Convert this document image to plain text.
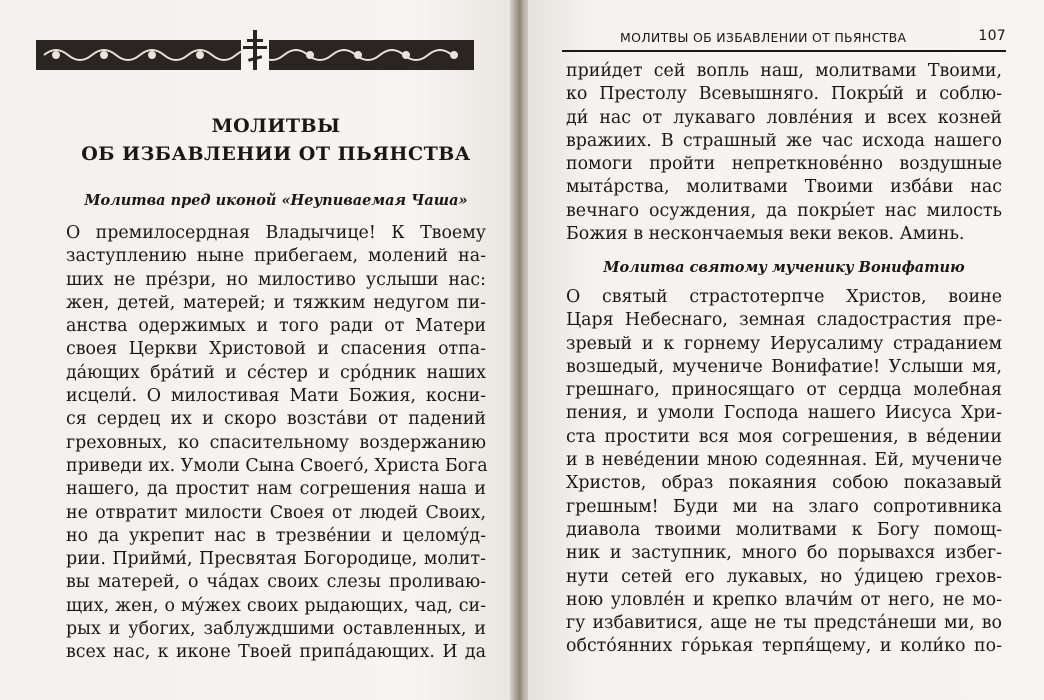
МОЛИТВЫ
ОБ ИЗБАВЛЕНИИ ОТ ПЬЯНСТВА
Молитва пред иконой «Неупиваемая Чаша»
О премилосердная Владычице! К Твоему
заступлению ныне прибегаем, молений на-
ших не пре́зри, но милостиво услыши нас:
жен, детей, матерей; и тяжким недугом пи-
анства одержимых и того ради от Матери
своея Церкви Христовой и спасения отпа-
да́ющих бра́тий и се́стер и сро́дник наших
исцели́. О милостивая Мати Божия, косни-
ся сердец их и скоро возста́ви от падений
греховных, ко спасительному воздержанию
приведи их. Умоли Сына Своего́, Христа Бога
нашего, да простит нам согрешения наша и
не отвратит милости Своея от людей Своих,
но да укрепит нас в трезве́нии и целому́д-
рии. Прийми́, Пресвятая Богородице, молит-
вы матерей, о ча́дах своих слезы проливаю-
щих, жен, о му́жех своих рыдающих, чад, си-
рых и убогих, заблуждшими оставленных, и
всех нас, к иконе Твоей припа́дающих. И да
МОЛИТВЫ ОБ ИЗБАВЛЕНИИ ОТ ПЬЯНСТВА	107
прии́дет сей вопль наш, молитвами Твоими,
ко Престолу Всевышняго. Покры́й и соблю-
ди́ нас от лукаваго ловле́ния и всех козней
вражиих. В страшный же час исхода нашего
помоги пройти непреткнове́нно воздушные
мыта́рства, молитвами Твоими изба́ви нас
вечнаго осуждения, да покры́ет нас милость
Божия в нескончаемыя веки веков. Аминь.
Молитва святому мученику Вонифатию
О святый страстотерпче Христов, воине
Царя Небеснаго, земная сладострастия пре-
зревый и к горнему Иерусалиму страданием
возшедый, мучениче Вонифатие! Услыши мя,
грешнаго, приносящаго от сердца молебная
пения, и умоли Господа нашего Иисуса Хри-
ста простити вся моя согрешения, в ве́дении
и в неве́дении мною содеянная. Ей, мучениче
Христов, образ покаяния собою показавый
грешным! Буди ми на злаго сопротивника
диавола твоими молитвами к Богу помощ-
ник и заступник, много бо порывахся избег-
нути сетей его лукавых, но у́дицею грехов-
ною уловле́н и крепко влачи́м от него, не мо-
гу избавитися, аще не ты предста́неши ми, во
обсто́янних го́рькая терпя́щему, и коли́ко по-
